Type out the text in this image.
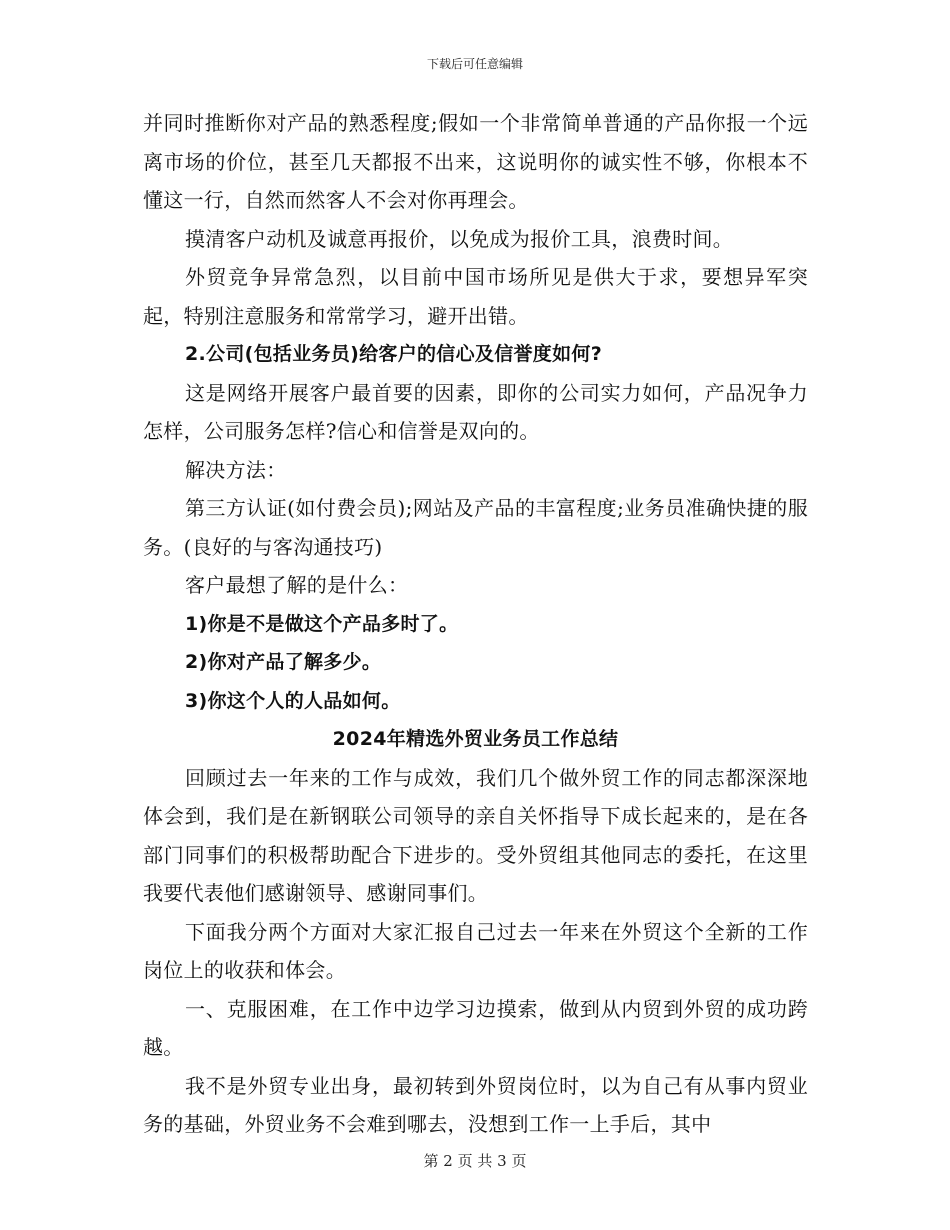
下载后可任意编辑

并同时推断你对产品的熟悉程度;假如一个非常简单普通的产品你报一个远离市场的价位，甚至几天都报不出来，这说明你的诚实性不够，你根本不懂这一行，自然而然客人不会对你再理会。

摸清客户动机及诚意再报价，以免成为报价工具，浪费时间。

外贸竞争异常急烈，以目前中国市场所见是供大于求，要想异军突起，特别注意服务和常常学习，避开出错。

2.公司(包括业务员)给客户的信心及信誉度如何?

这是网络开展客户最首要的因素，即你的公司实力如何，产品况争力怎样，公司服务怎样?信心和信誉是双向的。

解决方法：

第三方认证(如付费会员);网站及产品的丰富程度;业务员准确快捷的服务。(良好的与客沟通技巧)

客户最想了解的是什么：

1)你是不是做这个产品多时了。

2)你对产品了解多少。

3)你这个人的人品如何。

2024年精选外贸业务员工作总结

回顾过去一年来的工作与成效，我们几个做外贸工作的同志都深深地体会到，我们是在新钢联公司领导的亲自关怀指导下成长起来的，是在各部门同事们的积极帮助配合下进步的。受外贸组其他同志的委托，在这里我要代表他们感谢领导、感谢同事们。

下面我分两个方面对大家汇报自己过去一年来在外贸这个全新的工作岗位上的收获和体会。

一、克服困难，在工作中边学习边摸索，做到从内贸到外贸的成功跨越。

我不是外贸专业出身，最初转到外贸岗位时，以为自己有从事内贸业务的基础，外贸业务不会难到哪去，没想到工作一上手后，其中

第 2 页 共 3 页
